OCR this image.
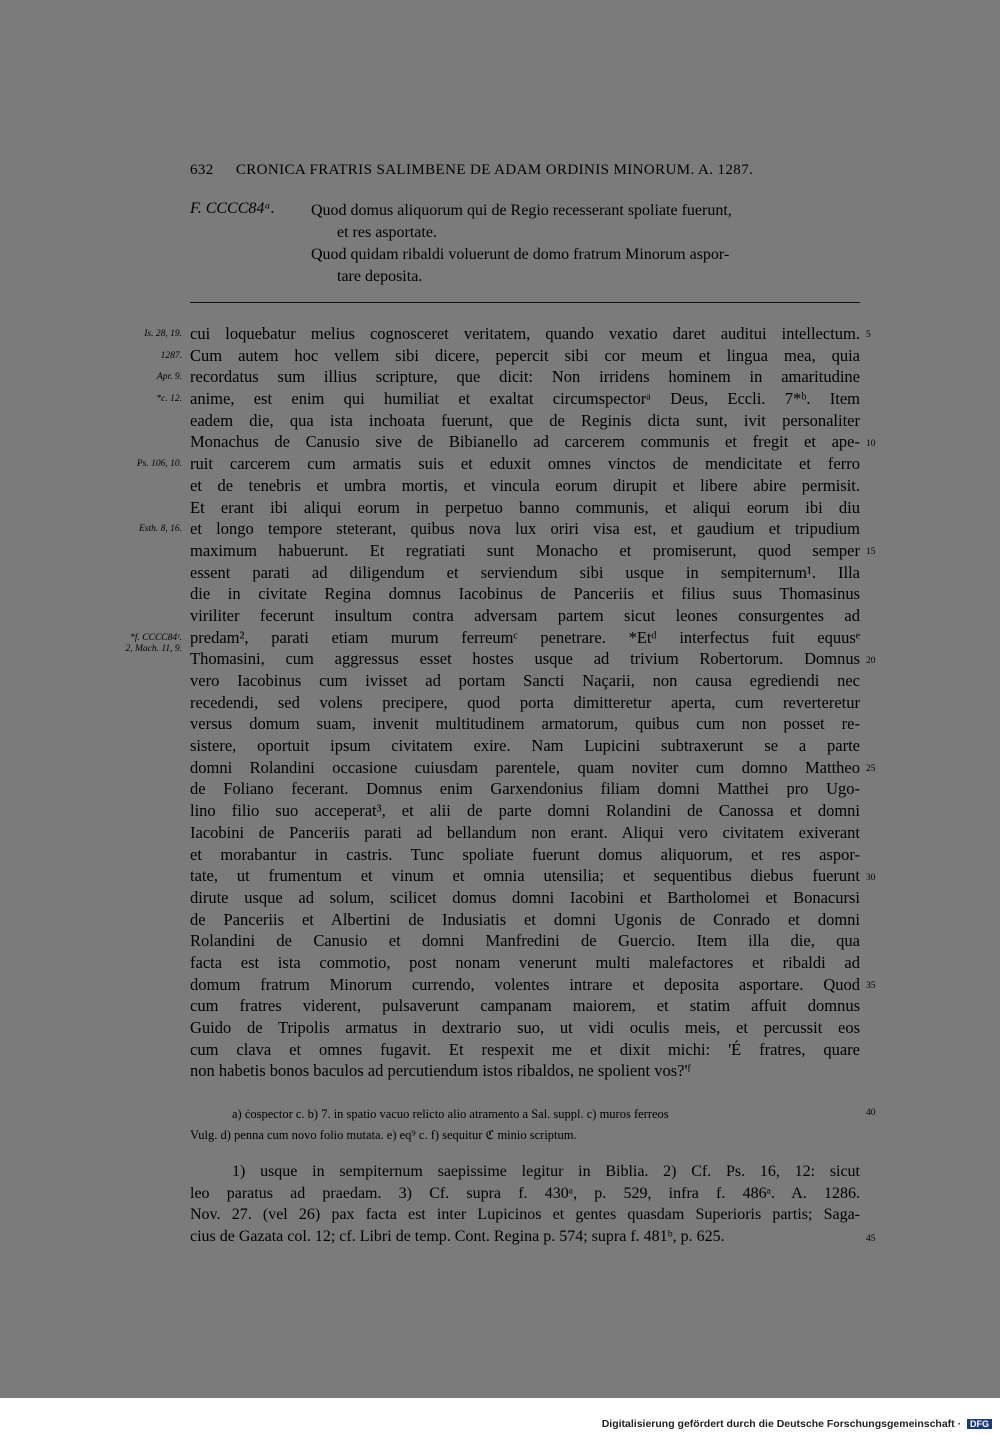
632 CRONICA FRATRIS SALIMBENE DE ADAM ORDINIS MINORUM. A. 1287.
F. CCCC84ᵃ. Quod domus aliquorum qui de Regio recesserant spoliate fuerunt,
et res asportate.
Quod quidam ribaldi voluerunt de domo fratrum Minorum aspor-
tare deposita.
cui loquebatur melius cognosceret veritatem, quando vexatio daret auditui intellectum.
Cum autem hoc vellem sibi dicere, pepercit sibi cor meum et lingua mea, quia
recordatus sum illius scripture, que dicit: Non irridens hominem in amaritudine
anime, est enim qui humiliat et exaltat circumspectorᵃ Deus, Eccli. 7*ᵇ. Item
eadem die, qua ista inchoata fuerunt, que de Reginis dicta sunt, ivit personaliter
Monachus de Canusio sive de Bibianello ad carcerem communis et fregit et ape-
ruit carcerem cum armatis suis et eduxit omnes vinctos de mendicitate et ferro
et de tenebris et umbra mortis, et vincula eorum dirupit et libere abire permisit.
Et erant ibi aliqui eorum in perpetuo banno communis, et aliqui eorum ibi diu
et longo tempore steterant, quibus nova lux oriri visa est, et gaudium et tripudium
maximum habuerunt. Et regratiati sunt Monacho et promiserunt, quod semper
essent parati ad diligendum et serviendum sibi usque in sempiternum¹. Illa
die in civitate Regina domnus Iacobinus de Panceriis et filius suus Thomasinus
viriliter fecerunt insultum contra adversam partem sicut leones consurgentes ad
predam², parati etiam murum ferreumᶜ penetrare. *Etᵈ interfectus fuit equusᵉ
Thomasini, cum aggressus esset hostes usque ad trivium Robertorum. Domnus
vero Iacobinus cum ivisset ad portam Sancti Naçarii, non causa egrediendi nec
recedendi, sed volens precipere, quod porta dimitteretur aperta, cum reverteretur
versus domum suam, invenit multitudinem armatorum, quibus cum non posset re-
sistere, oportuit ipsum civitatem exire. Nam Lupicini subtraxerunt se a parte
domni Rolandini occasione cuiusdam parentele, quam noviter cum domno Mattheo
de Foliano fecerant. Domnus enim Garxendonius filiam domni Matthei pro Ugo-
lino filio suo acceperat³, et alii de parte domni Rolandini de Canossa et domni
Iacobini de Panceriis parati ad bellandum non erant. Aliqui vero civitatem exiverant
et morabantur in castris. Tunc spoliate fuerunt domus aliquorum, et res aspor-
tate, ut frumentum et vinum et omnia utensilia; et sequentibus diebus fuerunt
dirute usque ad solum, scilicet domus domni Iacobini et Bartholomei et Bonacursi
de Panceriis et Albertini de Indusiatis et domni Ugonis de Conrado et domni
Rolandini de Canusio et domni Manfredini de Guercio. Item illa die, qua
facta est ista commotio, post nonam venerunt multi malefactores et ribaldi ad
domum fratrum Minorum currendo, volentes intrare et deposita asportare. Quod
cum fratres viderent, pulsaverunt campanam maiorem, et statim affuit domnus
Guido de Tripolis armatus in dextrario suo, ut vidi oculis meis, et percussit eos
cum clava et omnes fugavit. Et respexit me et dixit michi: 'É fratres, quare
non habetis bonos baculos ad percutiendum istos ribaldos, ne spolient vos?'ᶠ
Is. 28, 19.
1287.
Apr. 9.
*c. 12.
Ps. 106, 10.
Esth. 8, 16.
*f. CCCC84ᶜ.
2, Mach. 11, 9.
5
10
15
20
25
30
35
a) ċospector c. b) 7. in spatio vacuo relicto alio atramento a Sal. suppl. c) muros ferreos
Vulg. d) penna cum novo folio mutata. e) eq⁹ c. f) sequitur ℭ minio scriptum.
40
1) usque in sempiternum saepissime legitur in Biblia. 2) Cf. Ps. 16, 12: sicut
leo paratus ad praedam. 3) Cf. supra f. 430ᵃ, p. 529, infra f. 486ᵃ. A. 1286.
Nov. 27. (vel 26) pax facta est inter Lupicinos et gentes quasdam Superioris partis; Saga-
cius de Gazata col. 12; cf. Libri de temp. Cont. Regina p. 574; supra f. 481ᵇ, p. 625.	45
Digitalisierung gefördert durch die Deutsche Forschungsgemeinschaft · DFG
